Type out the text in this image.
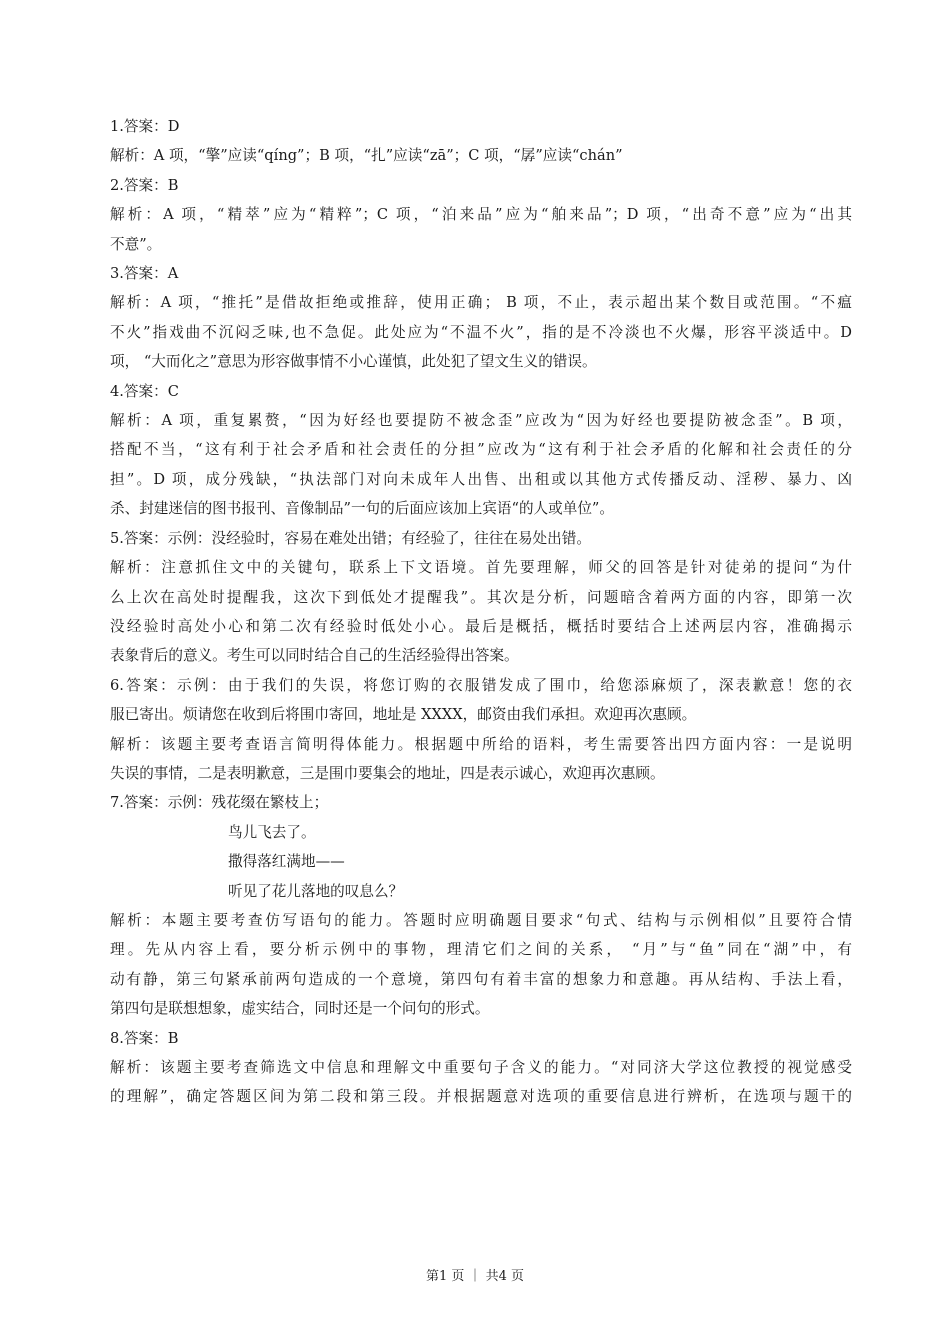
1.答案：D
解析：A 项，“擎”应读“qíng”；B 项，“扎”应读“zā”；C 项，“孱”应读“chán”
2.答案：B
解析：A 项，“精萃”应为“精粹”；C 项，“泊来品”应为“舶来品”；D 项，“出奇不意”应为“出其
不意”。
3.答案：A
解析：A 项，“推托”是借故拒绝或推辞，使用正确； B 项，不止，表示超出某个数目或范围。“不瘟
不火”指戏曲不沉闷乏味,也不急促。此处应为“不温不火”，指的是不冷淡也不火爆，形容平淡适中。D
项， “大而化之”意思为形容做事情不小心谨慎，此处犯了望文生义的错误。
4.答案：C
解析：A 项，重复累赘，“因为好经也要提防不被念歪”应改为“因为好经也要提防被念歪”。B 项，
搭配不当，“这有利于社会矛盾和社会责任的分担”应改为“这有利于社会矛盾的化解和社会责任的分
担”。D 项，成分残缺，“执法部门对向未成年人出售、出租或以其他方式传播反动、淫秽、暴力、凶
杀、封建迷信的图书报刊、音像制品”一句的后面应该加上宾语“的人或单位”。
5.答案：示例：没经验时，容易在难处出错；有经验了，往往在易处出错。
解析：注意抓住文中的关键句，联系上下文语境。首先要理解，师父的回答是针对徒弟的提问“为什
么上次在高处时提醒我，这次下到低处才提醒我”。其次是分析，问题暗含着两方面的内容，即第一次
没经验时高处小心和第二次有经验时低处小心。最后是概括，概括时要结合上述两层内容，准确揭示
表象背后的意义。考生可以同时结合自己的生活经验得出答案。
6.答案：示例：由于我们的失误，将您订购的衣服错发成了围巾，给您添麻烦了，深表歉意！您的衣
服已寄出。烦请您在收到后将围巾寄回，地址是 XXXX，邮资由我们承担。欢迎再次惠顾。
解析：该题主要考查语言简明得体能力。根据题中所给的语料，考生需要答出四方面内容：一是说明
失误的事情，二是表明歉意，三是围巾要集会的地址，四是表示诚心，欢迎再次惠顾。
7.答案：示例：残花缀在繁枝上；
鸟儿飞去了。
撒得落红满地——
听见了花儿落地的叹息么？
解析：本题主要考查仿写语句的能力。答题时应明确题目要求“句式、结构与示例相似”且要符合情
理。先从内容上看，要分析示例中的事物，理清它们之间的关系， “月”与“鱼”同在“湖”中，有
动有静，第三句紧承前两句造成的一个意境，第四句有着丰富的想象力和意趣。再从结构、手法上看，
第四句是联想想象，虚实结合，同时还是一个问句的形式。
8.答案：B
解析：该题主要考查筛选文中信息和理解文中重要句子含义的能力。“对同济大学这位教授的视觉感受
的理解”，确定答题区间为第二段和第三段。并根据题意对选项的重要信息进行辨析，在选项与题干的
第1 页 ｜ 共4 页
